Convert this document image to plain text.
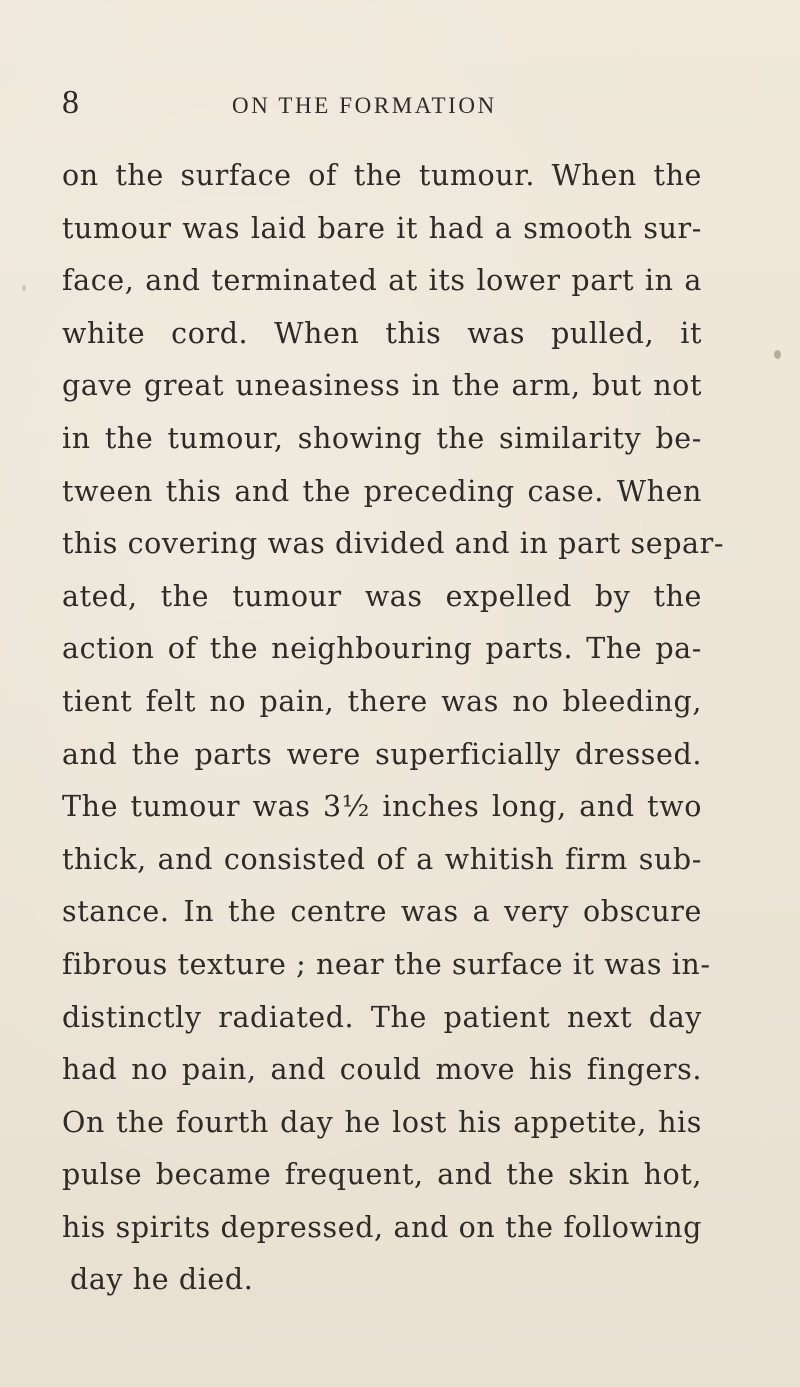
8	ON THE FORMATION
on the surface of the tumour. When the
tumour was laid bare it had a smooth sur-
face, and terminated at its lower part in a
white cord. When this was pulled, it
gave great uneasiness in the arm, but not
in the tumour, showing the similarity be-
tween this and the preceding case. When
this covering was divided and in part separ-
ated, the tumour was expelled by the
action of the neighbouring parts. The pa-
tient felt no pain, there was no bleeding,
and the parts were superficially dressed.
The tumour was 3½ inches long, and two
thick, and consisted of a whitish firm sub-
stance. In the centre was a very obscure
fibrous texture ; near the surface it was in-
distinctly radiated. The patient next day
had no pain, and could move his fingers.
On the fourth day he lost his appetite, his
pulse became frequent, and the skin hot,
his spirits depressed, and on the following
day he died.
